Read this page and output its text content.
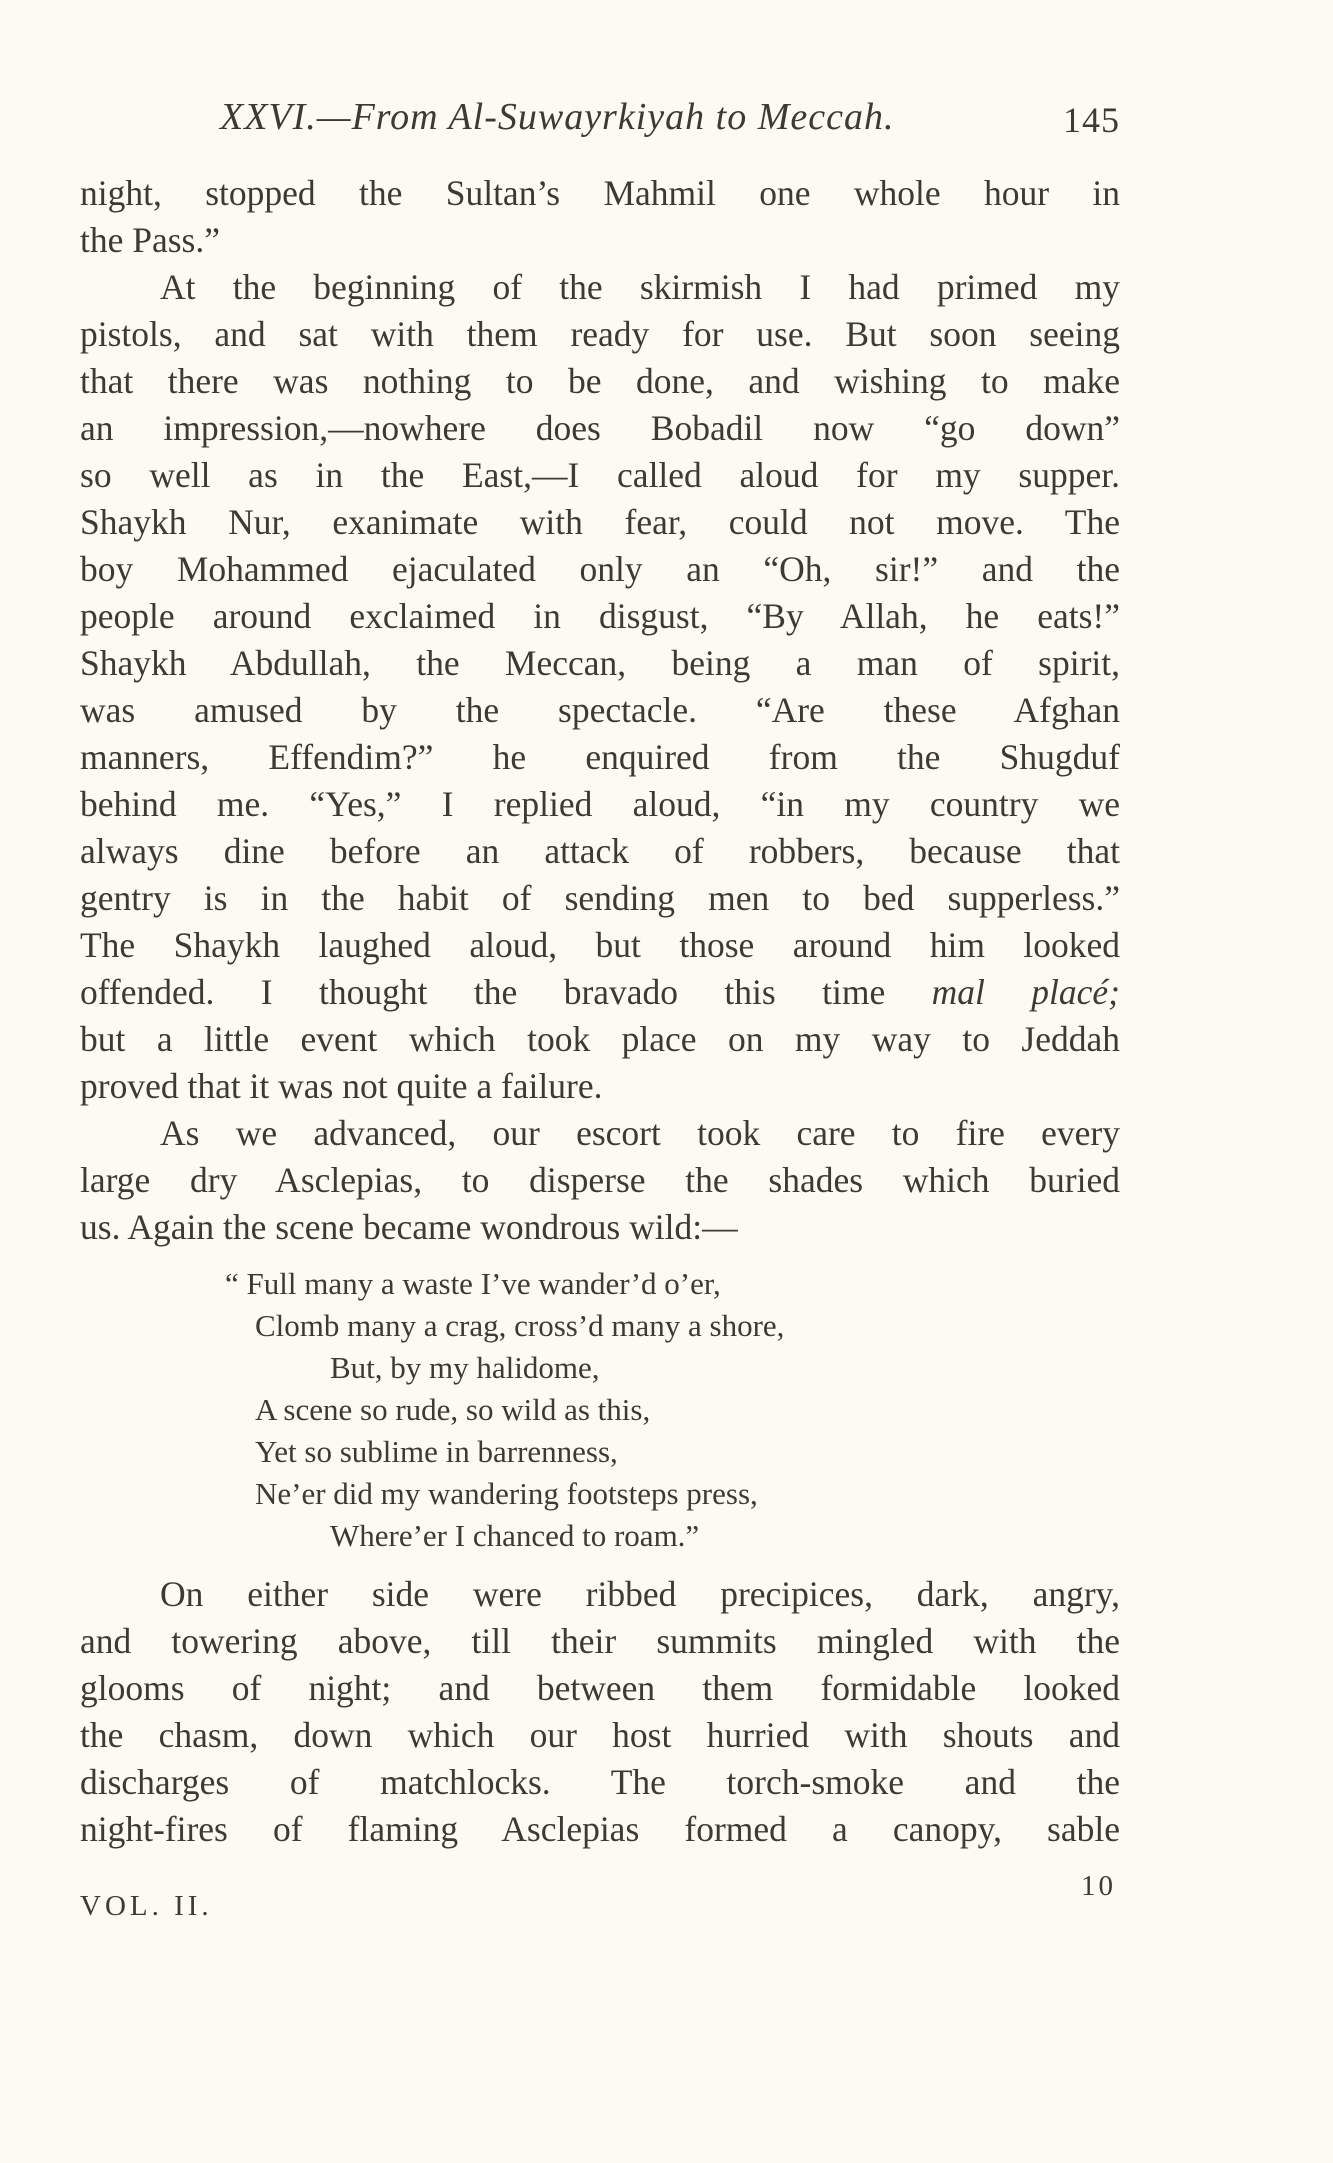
XXVI.—From Al-Suwayrkiyah to Meccah.	145
night, stopped the Sultan’s Mahmil one whole hour in
the Pass.”
At the beginning of the skirmish I had primed my
pistols, and sat with them ready for use. But soon seeing
that there was nothing to be done, and wishing to make
an impression,—nowhere does Bobadil now “go down”
so well as in the East,—I called aloud for my supper.
Shaykh Nur, exanimate with fear, could not move. The
boy Mohammed ejaculated only an “Oh, sir!” and the
people around exclaimed in disgust, “By Allah, he eats!”
Shaykh Abdullah, the Meccan, being a man of spirit,
was amused by the spectacle. “Are these Afghan
manners, Effendim?” he enquired from the Shugduf
behind me. “Yes,” I replied aloud, “in my country we
always dine before an attack of robbers, because that
gentry is in the habit of sending men to bed supperless.”
The Shaykh laughed aloud, but those around him looked
offended. I thought the bravado this time mal placé;
but a little event which took place on my way to Jeddah
proved that it was not quite a failure.
As we advanced, our escort took care to fire every
large dry Asclepias, to disperse the shades which buried
us. Again the scene became wondrous wild:—
“ Full many a waste I’ve wander’d o’er,
Clomb many a crag, cross’d many a shore,
But, by my halidome,
A scene so rude, so wild as this,
Yet so sublime in barrenness,
Ne’er did my wandering footsteps press,
Where’er I chanced to roam.”
On either side were ribbed precipices, dark, angry,
and towering above, till their summits mingled with the
glooms of night; and between them formidable looked
the chasm, down which our host hurried with shouts and
discharges of matchlocks. The torch-smoke and the
night-fires of flaming Asclepias formed a canopy, sable
VOL. II.
10
